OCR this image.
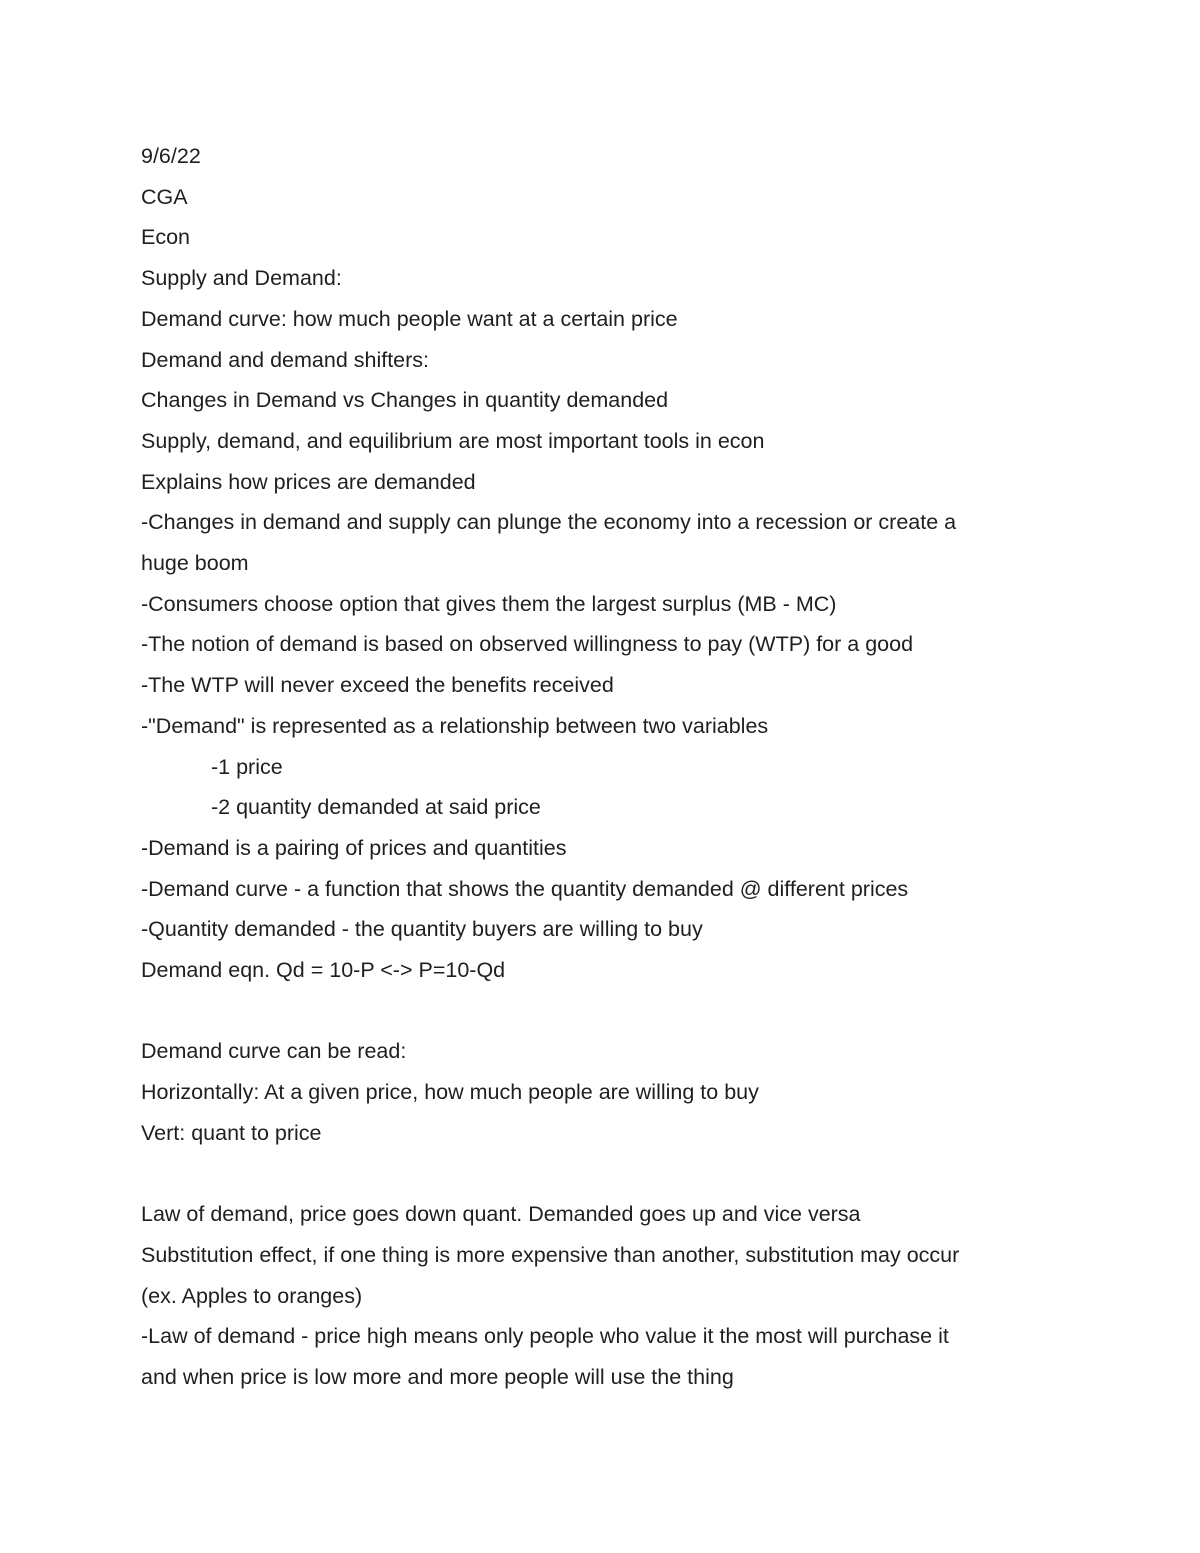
9/6/22
CGA
Econ
Supply and Demand:
Demand curve: how much people want at a certain price
Demand and demand shifters:
Changes in Demand vs Changes in quantity demanded
Supply, demand, and equilibrium are most important tools in econ
Explains how prices are demanded
-Changes in demand and supply can plunge the economy into a recession or create a
huge boom
-Consumers choose option that gives them the largest surplus (MB - MC)
-The notion of demand is based on observed willingness to pay (WTP) for a good
-The WTP will never exceed the benefits received
-"Demand" is represented as a relationship between two variables
-1 price
-2 quantity demanded at said price
-Demand is a pairing of prices and quantities
-Demand curve - a function that shows the quantity demanded @ different prices
-Quantity demanded - the quantity buyers are willing to buy
Demand eqn. Qd = 10-P <-> P=10-Qd
Demand curve can be read:
Horizontally: At a given price, how much people are willing to buy
Vert: quant to price
Law of demand, price goes down quant. Demanded goes up and vice versa
Substitution effect, if one thing is more expensive than another, substitution may occur
(ex. Apples to oranges)
-Law of demand - price high means only people who value it the most will purchase it
and when price is low more and more people will use the thing
